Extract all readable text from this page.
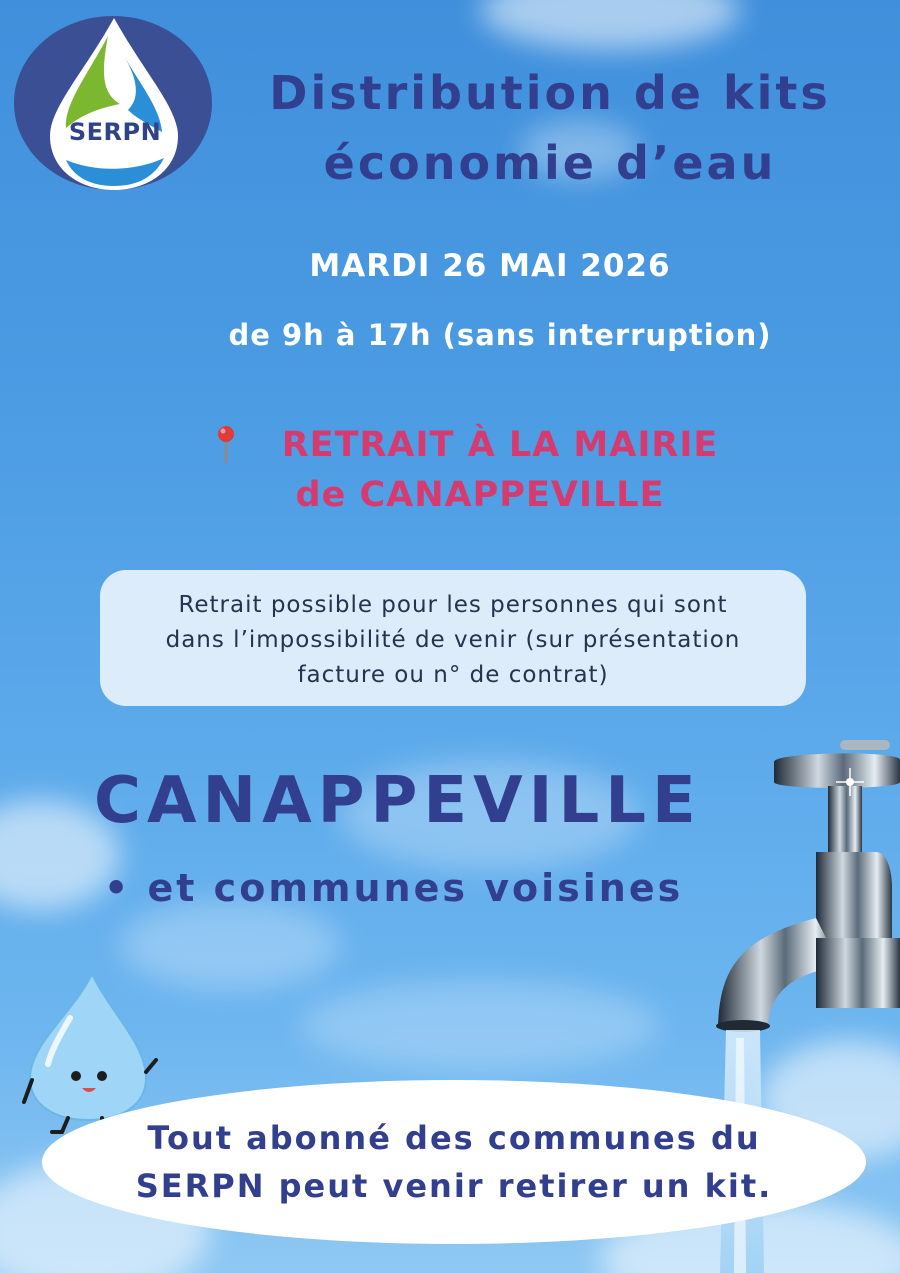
SERPN
Distribution de kits
économie d’eau
MARDI 26 MAI 2026
de 9h à 17h (sans interruption)
RETRAIT À LA MAIRIE
de CANAPPEVILLE
Retrait possible pour les personnes qui sont
dans l’impossibilité de venir (sur présentation
facture ou n° de contrat)
CANAPPEVILLE
• et communes voisines
Tout abonné des communes du
SERPN peut venir retirer un kit.
